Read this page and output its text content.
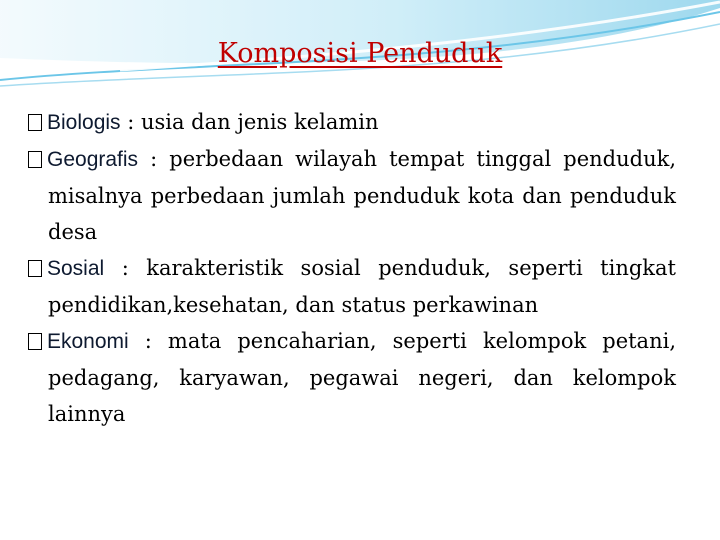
Komposisi Penduduk
Biologis : usia dan jenis kelamin
Geografis : perbedaan wilayah tempat tinggal penduduk, misalnya perbedaan jumlah penduduk kota dan penduduk desa
Sosial : karakteristik sosial penduduk, seperti tingkat pendidikan,kesehatan, dan status perkawinan
Ekonomi : mata pencaharian, seperti kelompok petani, pedagang, karyawan, pegawai negeri, dan kelompok lainnya
